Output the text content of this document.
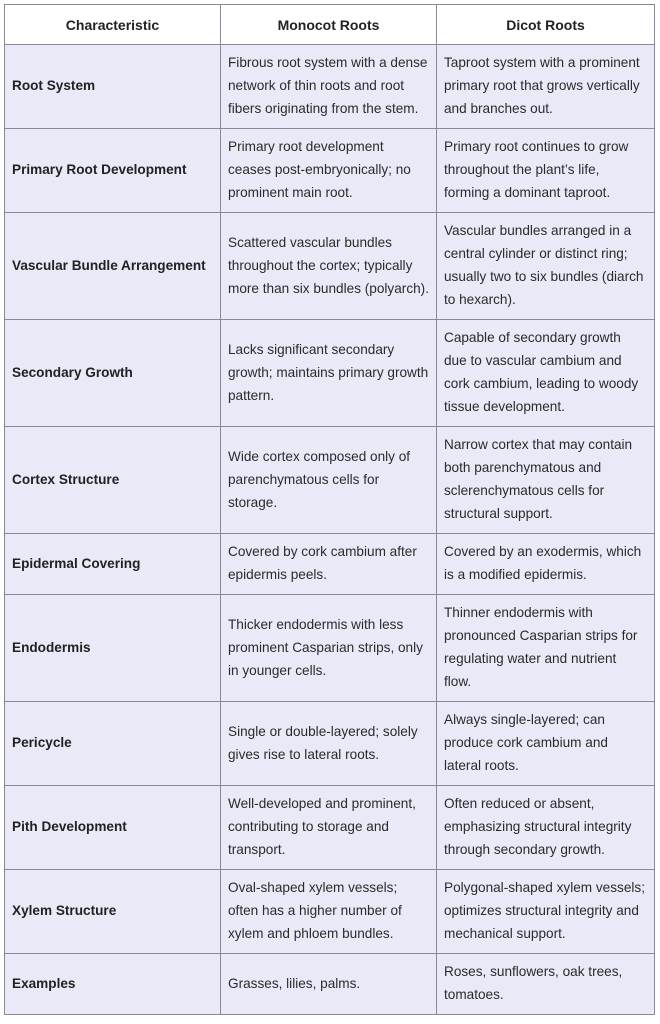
Characteristic	Monocot Roots	Dicot Roots
Root System	Fibrous root system with a dense network of thin roots and root fibers originating from the stem.	Taproot system with a prominent primary root that grows vertically and branches out.
Primary Root Development	Primary root development ceases post-embryonically; no prominent main root.	Primary root continues to grow throughout the plant’s life, forming a dominant taproot.
Vascular Bundle Arrangement	Scattered vascular bundles throughout the cortex; typically more than six bundles (polyarch).	Vascular bundles arranged in a central cylinder or distinct ring; usually two to six bundles (diarch to hexarch).
Secondary Growth	Lacks significant secondary growth; maintains primary growth pattern.	Capable of secondary growth due to vascular cambium and cork cambium, leading to woody tissue development.
Cortex Structure	Wide cortex composed only of parenchymatous cells for storage.	Narrow cortex that may contain both parenchymatous and sclerenchymatous cells for structural support.
Epidermal Covering	Covered by cork cambium after epidermis peels.	Covered by an exodermis, which is a modified epidermis.
Endodermis	Thicker endodermis with less prominent Casparian strips, only in younger cells.	Thinner endodermis with pronounced Casparian strips for regulating water and nutrient flow.
Pericycle	Single or double-layered; solely gives rise to lateral roots.	Always single-layered; can produce cork cambium and lateral roots.
Pith Development	Well-developed and prominent, contributing to storage and transport.	Often reduced or absent, emphasizing structural integrity through secondary growth.
Xylem Structure	Oval-shaped xylem vessels; often has a higher number of xylem and phloem bundles.	Polygonal-shaped xylem vessels; optimizes structural integrity and mechanical support.
Examples	Grasses, lilies, palms.	Roses, sunflowers, oak trees, tomatoes.
